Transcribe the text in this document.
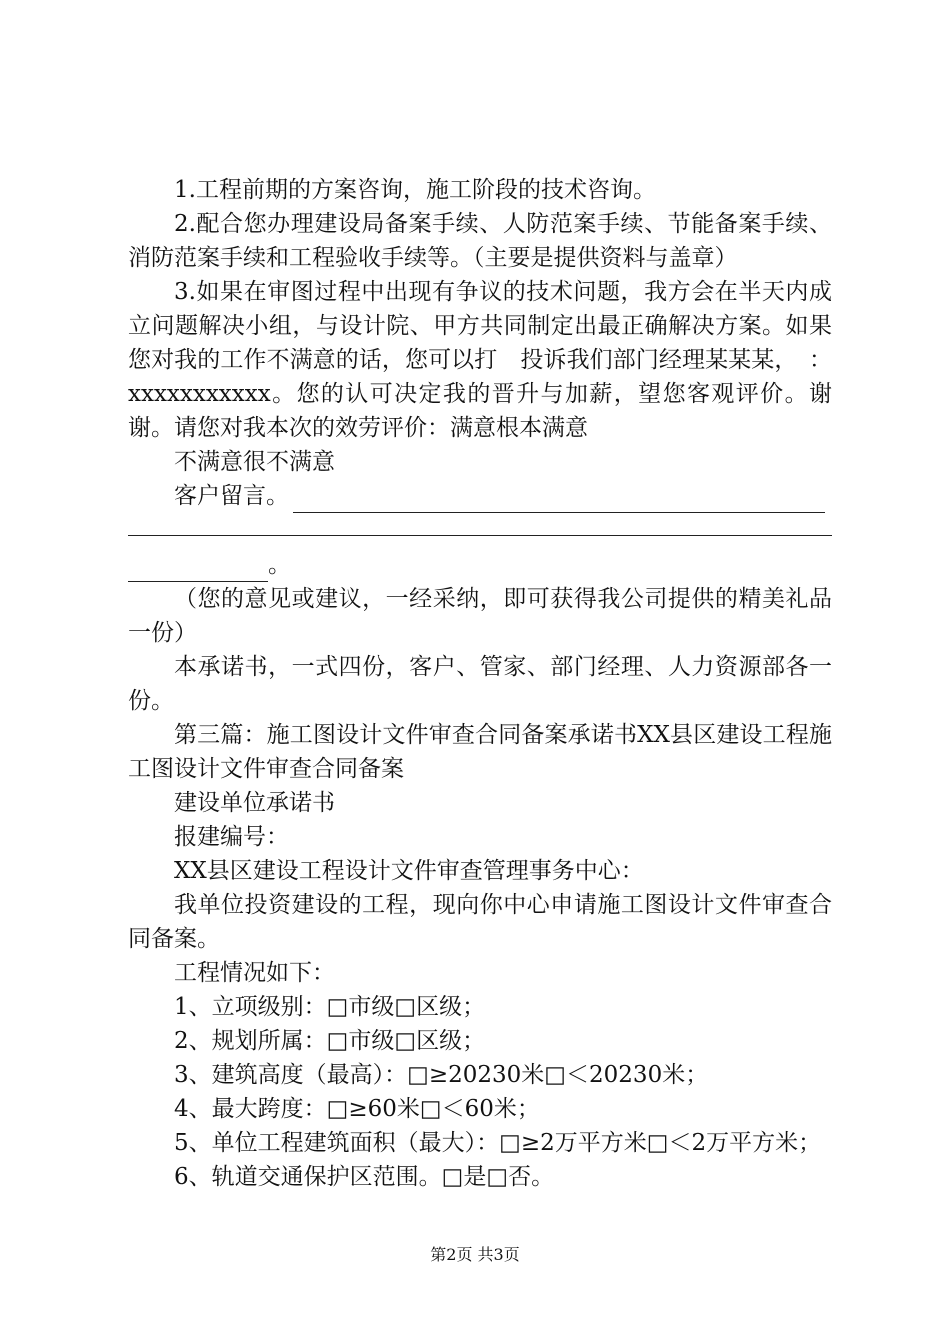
1.工程前期的方案咨询，施工阶段的技术咨询。

2.配合您办理建设局备案手续、人防范案手续、节能备案手续、消防范案手续和工程验收手续等。（主要是提供资料与盖章）

3.如果在审图过程中出现有争议的技术问题，我方会在半天内成立问题解决小组，与设计院、甲方共同制定出最正确解决方案。如果您对我的工作不满意的话，您可以打　投诉我们部门经理某某某，　：xxxxxxxxxxx。您的认可决定我的晋升与加薪，望您客观评价。谢谢。请您对我本次的效劳评价：满意根本满意

不满意很不满意

客户留言。

。

（您的意见或建议，一经采纳，即可获得我公司提供的精美礼品一份）

本承诺书，一式四份，客户、管家、部门经理、人力资源部各一份。

第三篇：施工图设计文件审查合同备案承诺书XX县区建设工程施工图设计文件审查合同备案

建设单位承诺书

报建编号：

XX县区建设工程设计文件审查管理事务中心：

我单位投资建设的工程，现向你中心申请施工图设计文件审查合同备案。

工程情况如下：

1、立项级别：□市级□区级；

2、规划所属：□市级□区级；

3、建筑高度（最高）：□≥20230米□＜20230米；

4、最大跨度：□≥60米□＜60米；

5、单位工程建筑面积（最大）：□≥2万平方米□＜2万平方米；

6、轨道交通保护区范围。□是□否。

第2页 共3页
